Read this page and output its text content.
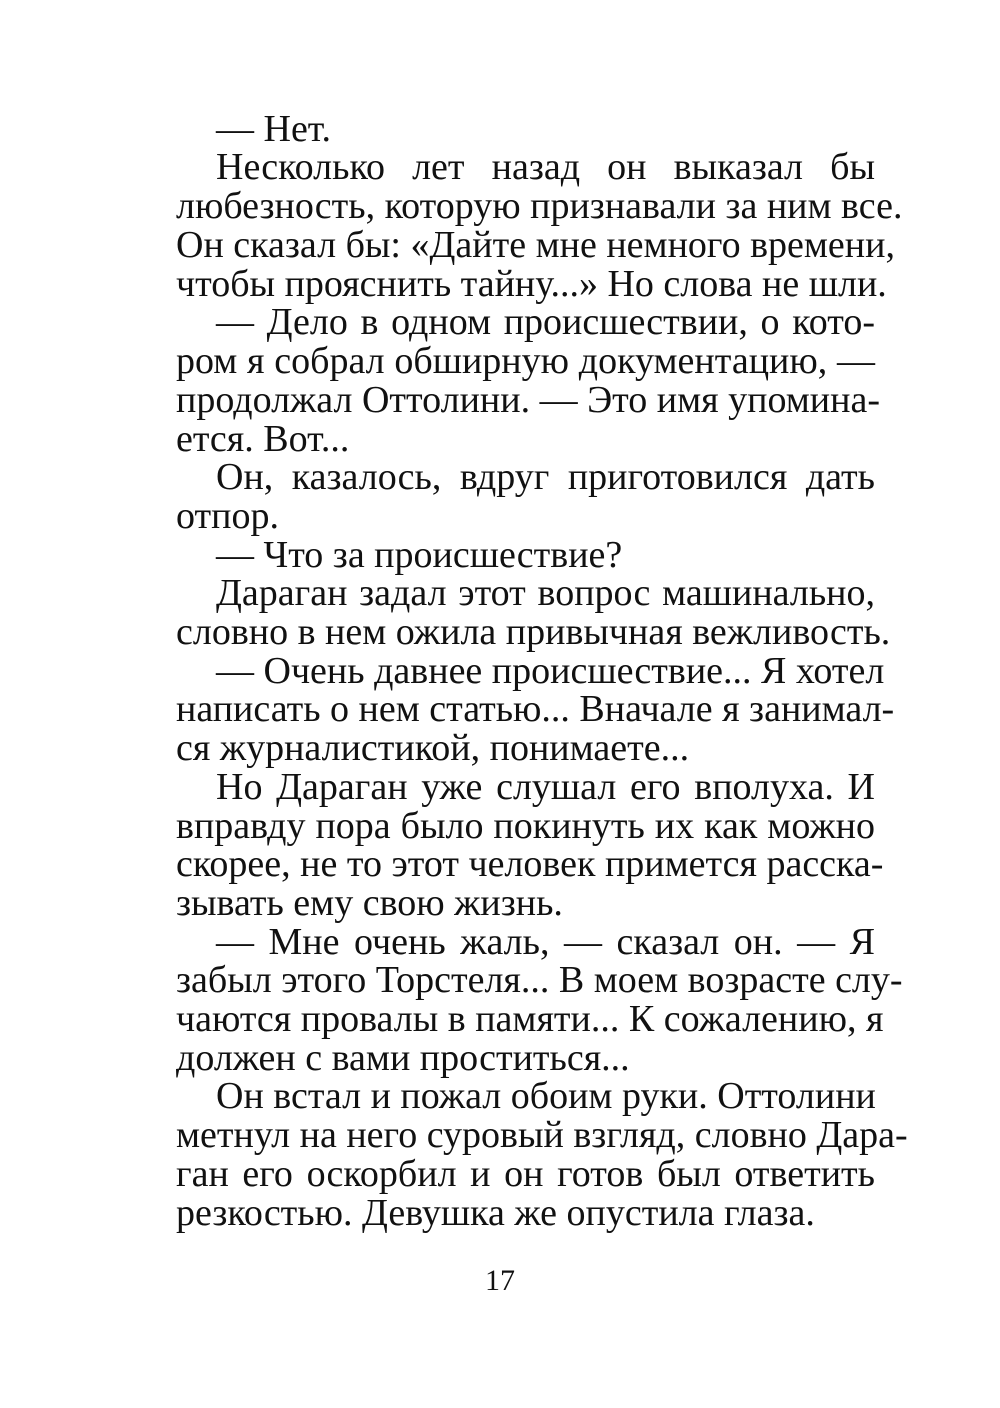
— Нет.
Несколько лет назад он выказал бы
любезность, которую признавали за ним все.
Он сказал бы: «Дайте мне немного времени,
чтобы прояснить тайну...» Но слова не шли.
— Дело в одном происшествии, о кото-
ром я собрал обширную документацию, —
продолжал Оттолини. — Это имя упомина-
ется. Вот...
Он, казалось, вдруг приготовился дать
отпор.
— Что за происшествие?
Дараган задал этот вопрос машинально,
словно в нем ожила привычная вежливость.
— Очень давнее происшествие... Я хотел
написать о нем статью... Вначале я занимал-
ся журналистикой, понимаете...
Но Дараган уже слушал его вполуха. И
вправду пора было покинуть их как можно
скорее, не то этот человек примется расска-
зывать ему свою жизнь.
— Мне очень жаль, — сказал он. — Я
забыл этого Торстеля... В моем возрасте слу-
чаются провалы в памяти... К сожалению, я
должен с вами проститься...
Он встал и пожал обоим руки. Оттолини
метнул на него суровый взгляд, словно Дара-
ган его оскорбил и он готов был ответить
резкостью. Девушка же опустила глаза.
17
